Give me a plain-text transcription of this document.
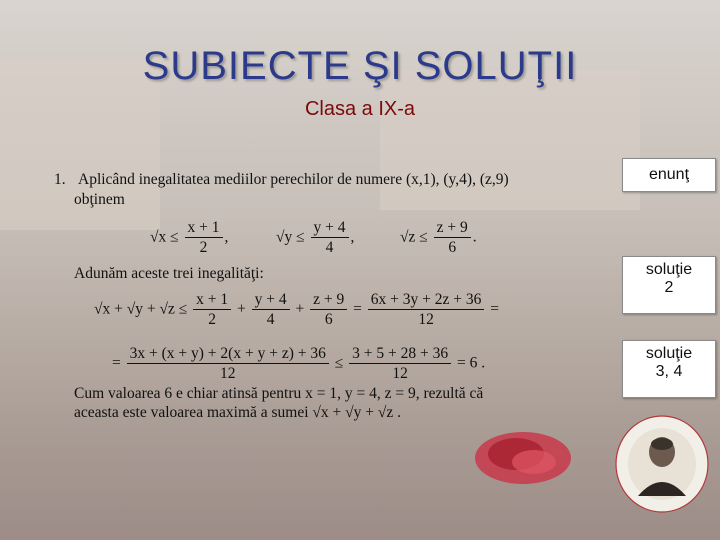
SUBIECTE ŞI SOLUŢII
Clasa a IX-a
1. Aplicând inegalitatea mediilor perechilor de numere (x,1), (y,4), (z,9)
obţinem
$√x \le \frac{x + 1}{2}$ ,	$√y \le \frac{y + 4}{4}$ ,	$√z \le \frac{z + 9}{6}$ .
Adunăm aceste trei inegalităţi:
$√x + √y + √z \le \frac{x + 1}{2} + \frac{y + 4}{4} + \frac{z + 9}{6} = \frac{6x + 3y + 2z + 36}{12}$ =
= $\frac{3x + (x + y) + 2(x + y + z) + 36}{12} \le \frac{3 + 5 + 28 + 36}{12} = 6$ .
Cum valoarea 6 e chiar atinsă pentru x = 1, y = 4, z = 9, rezultă că
aceasta este valoarea maximă a sumei √x + √y + √z .
enunţ
soluţie
2
soluţie
3, 4
